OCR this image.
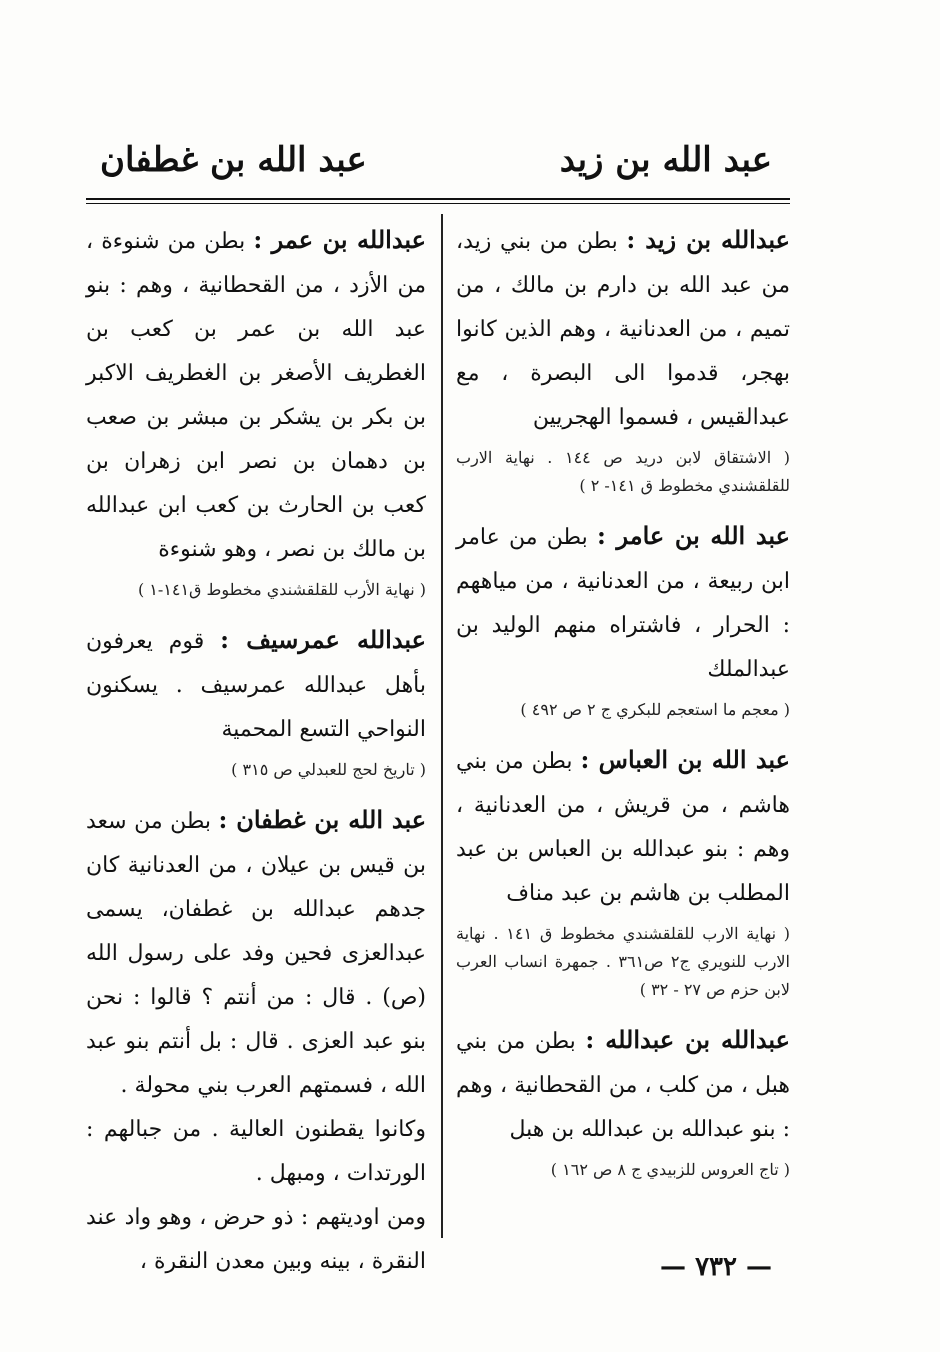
عبد الله بن زيد
عبد الله بن غطفان

عبدالله بن زيد : بطن من بني زيد، من عبد الله بن دارم بن مالك ، من تميم ، من العدنانية ، وهم الذين كانوا بهجر، قدموا الى البصرة ، مع عبدالقيس ، فسموا الهجريين

( الاشتقاق لابن دريد ص ١٤٤ . نهاية الارب للقلقشندي مخطوط ق ١٤١- ٢ )

عبد الله بن عامر : بطن من عامر ابن ربيعة ، من العدنانية ، من مياههم : الحرار ، فاشتراه منهم الوليد بن عبدالملك

( معجم ما استعجم للبكري ج ٢ ص ٤٩٢ )

عبد الله بن العباس : بطن من بني هاشم ، من قريش ، من العدنانية ، وهم : بنو عبدالله بن العباس بن عبد المطلب بن هاشم بن عبد مناف

( نهاية الارب للقلقشندي مخطوط ق ١٤١ . نهاية الارب للنويري ج٢ ص٣٦١ . جمهرة انساب العرب لابن حزم ص ٢٧ - ٣٢ )

عبدالله بن عبدالله : بطن من بني هبل ، من كلب ، من القحطانية ، وهم : بنو عبدالله بن عبدالله بن هبل

( تاج العروس للزبيدي ج ٨ ص ١٦٢ )

عبدالله بن عمر : بطن من شنوءة ، من الأزد ، من القحطانية ، وهم : بنو عبد الله بن عمر بن كعب بن الغطريف الأصغر بن الغطريف الاكبر بن بكر بن يشكر بن مبشر بن صعب بن دهمان بن نصر ابن زهران بن كعب بن الحارث بن كعب ابن عبدالله بن مالك بن نصر ، وهو شنوءة

( نهاية الأرب للقلقشندي مخطوط ق١٤١-١ )

عبدالله عمرسيف : قوم يعرفون بأهل عبدالله عمرسيف . يسكنون النواحي التسع المحمية

( تاريخ لحج للعبدلي ص ٣١٥ )

عبد الله بن غطفان : بطن من سعد بن قيس بن عيلان ، من العدنانية كان جدهم عبدالله بن غطفان، يسمى عبدالعزى فحين وفد على رسول الله (ص) . قال : من أنتم ؟ قالوا : نحن بنو عبد العزى . قال : بل أنتم بنو عبد الله ، فسمتهم العرب بني محولة .

وكانوا يقطنون العالية . من جبالهم : الورتدات ، ومبهل .

ومن اوديتهم : ذو حرض ، وهو واد عند النقرة ، بينه وبين معدن النقرة ،	— ٧٣٢ —
